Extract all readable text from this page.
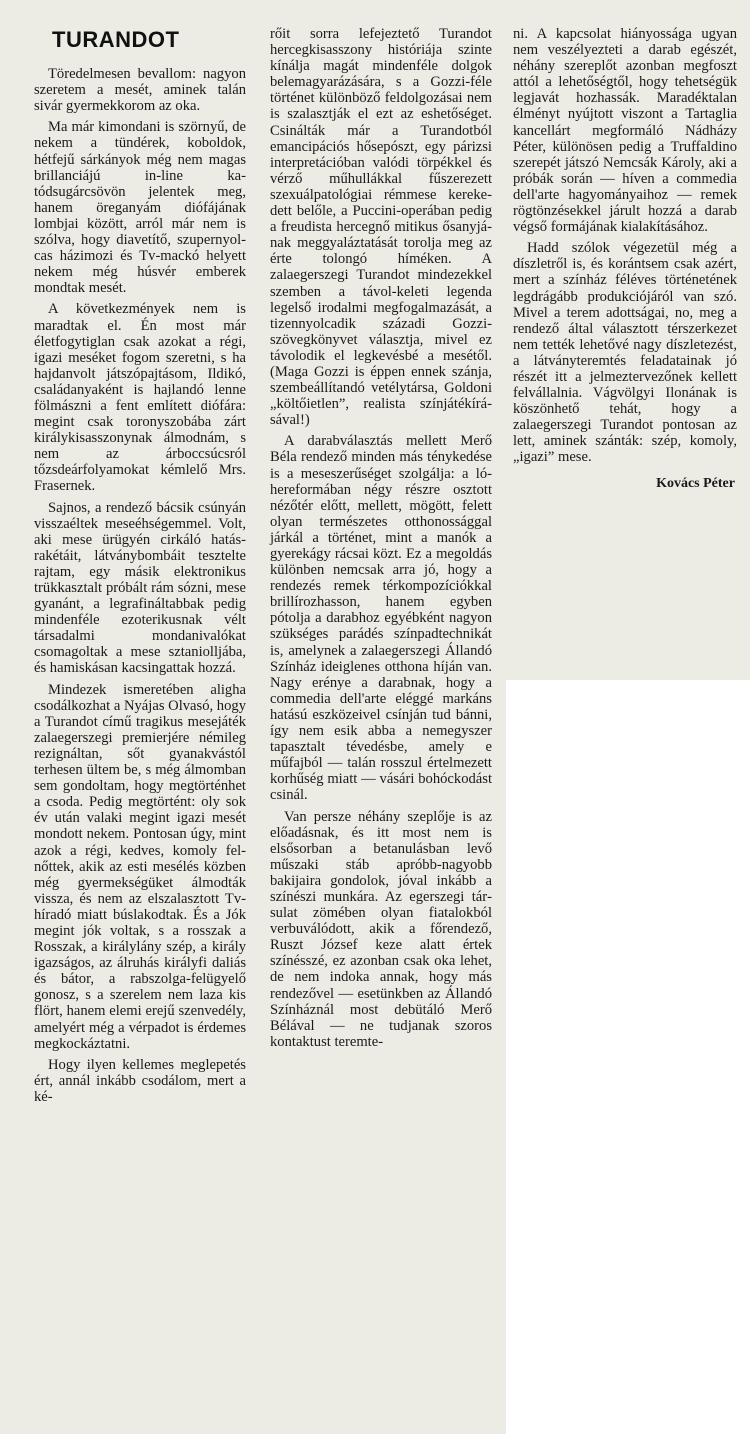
TURANDOT

Töredelmesen bevallom: nagyon szeretem a mesét, aminek talán sivár gyermekkorom az oka.

Ma már kimondani is szörnyű, de nekem a tündérek, koboldok, hétfejű sárkányok még nem magas brillanciájú in-line katódsugárcsövön jelentek meg, hanem öreganyám diófájának lombjai között, arról már nem is szólva, hogy diavetítő, szupernyolcas házimozi és Tv-mackó helyett nekem még húsvér emberek mondtak mesét.

A következmények nem is maradtak el. Én most már életfogytiglan csak azokat a régi, igazi meséket fogom szeretni, s ha hajdanvolt játszópajtásom, Ildikó, családanyaként is hajlandó lenne fölmászni a fent említett diófára: megint csak toronyszobába zárt királykisasszonynak álmodnám, s nem az árboccsúcsról tőzsdeárfolyamokat kémlelő Mrs. Frasernek.

Sajnos, a rendező bácsik csúnyán visszaéltek meseéhségemmel. Volt, aki mese ürügyén cirkáló hatásrakétáit, látványbombáit tesztelte rajtam, egy másik elektronikus trükkasztalt próbált rám sózni, mese gyanánt, a legrafináltabbak pedig mindenféle ezoterikusnak vélt társadalmi mondanivalókat csomagoltak a mese sztaniolljába, és hamiskásan kacsingattak hozzá.

Mindezek ismeretében aligha csodálkozhat a Nyájas Olvasó, hogy a Turandot című tragikus mesejáték zalaegerszegi premierjére némileg rezignáltan, sőt gyanakvástól terhesen ültem be, s még álmomban sem gondoltam, hogy megtörténhet a csoda. Pedig megtörtént: oly sok év után valaki megint igazi mesét mondott nekem. Pontosan úgy, mint azok a régi, kedves, komoly felnőttek, akik az esti mesélés közben még gyermekségüket álmodták vissza, és nem az elszalasztott Tv-híradó miatt búslakodtak. És a Jók megint jók voltak, s a rosszak a Rosszak, a királylány szép, a király igazságos, az álruhás királyfi daliás és bátor, a rabszolga-felügyelő gonosz, s a szerelem nem laza kis flört, hanem elemi erejű szenvedély, amelyért még a vérpadot is érdemes megkockáztatni.

Hogy ilyen kellemes meglepetés ért, annál inkább csodálom, mert a ké-

rőit sorra lefejeztető Turandot hercegkisasszony históriája szinte kínálja magát mindenféle dolgok belemagyarázására, s a Gozzi-féle történet különböző feldolgozásai nem is szalasztják el ezt az eshetőséget. Csinálták már a Turandotból emancipációs hősepószt, egy párizsi interpretációban valódi törpékkel és vérző műhullákkal fűszerezett szexuálpatológiai rémmese kerekedett belőle, a Puccini-operában pedig a freudista hercegnő mitikus ősanyjának meggyaláztatását torolja meg az érte tolongó híméken. A zalaegerszegi Turandot mindezekkel szemben a távol-keleti legenda legelső irodalmi megfogalmazását, a tizennyolcadik századi Gozzi-szövegkönyvet választja, mivel ez távolodik el legkevésbé a mesétől. (Maga Gozzi is éppen ennek szánja, szembeállítandó vetélytársa, Goldoni „költőietlen”, realista színjátékírásával!)

A darabválasztás mellett Merő Béla rendező minden más ténykedése is a meseszerűséget szolgálja: a lóhereformában négy részre osztott nézőtér előtt, mellett, mögött, felett olyan természetes otthonossággal járkál a történet, mint a manók a gyerekágy rácsai közt. Ez a megoldás különben nemcsak arra jó, hogy a rendezés remek térkompozíciókkal brillírozhasson, hanem egyben pótolja a darabhoz egyébként nagyon szükséges parádés színpadtechnikát is, amelynek a zalaegerszegi Állandó Színház ideiglenes otthona híján van. Nagy erénye a darabnak, hogy a commedia dell'arte eléggé markáns hatású eszközeivel csínján tud bánni, így nem esik abba a nemegyszer tapasztalt tévedésbe, amely e műfajból — talán rosszul értelmezett korhűség miatt — vásári bohóckodást csinál.

Van persze néhány szeplője is az előadásnak, és itt most nem is elsősorban a betanulásban levő műszaki stáb apróbb-nagyobb bakijaira gondolok, jóval inkább a színészi munkára. Az egerszegi társulat zömében olyan fiatalokból verbuválódott, akik a főrendező, Ruszt József keze alatt értek színésszé, ez azonban csak oka lehet, de nem indoka annak, hogy más rendezővel — esetünkben az Állandó Színháznál most debütáló Merő Bélával — ne tudjanak szoros kontaktust teremte-

ni. A kapcsolat hiányossága ugyan nem veszélyezteti a darab egészét, néhány szereplőt azonban megfoszt attól a lehetőségtől, hogy tehetségük legjavát hozhassák. Maradéktalan élményt nyújtott viszont a Tartaglia kancellárt megformáló Nádházy Péter, különösen pedig a Truffaldino szerepét játszó Nemcsák Károly, aki a próbák során — híven a commedia dell'arte hagyományaihoz — remek rögtönzésekkel járult hozzá a darab végső formájának kialakításához.

Hadd szólok végezetül még a díszletről is, és korántsem csak azért, mert a színház féléves történetének legdrágább produkciójáról van szó. Mivel a terem adottságai, no, meg a rendező által választott térszerkezet nem tették lehetővé nagy díszletezést, a látványteremtés feladatainak jó részét itt a jelmeztervezőnek kellett felvállalnia. Vágvölgyi Ilonának is köszönhető tehát, hogy a zalaegerszegi Turandot pontosan az lett, aminek szánták: szép, komoly, „igazi” mese.

Kovács Péter
